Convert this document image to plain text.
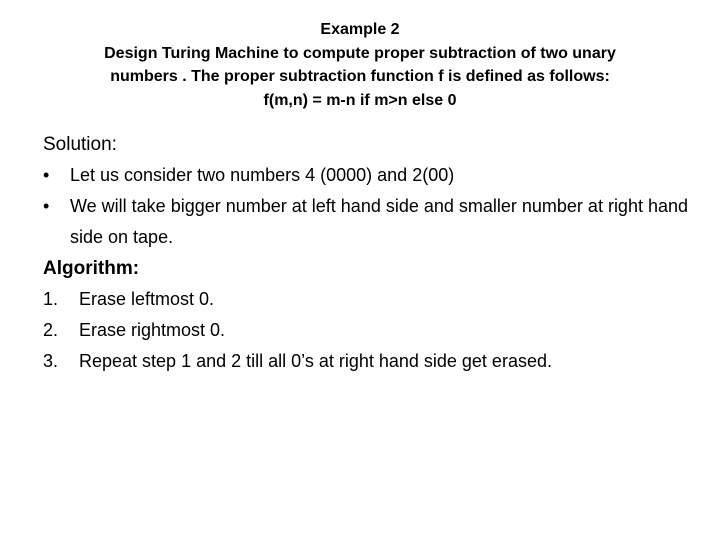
Example 2
Design Turing Machine to compute proper subtraction of two unary
numbers . The proper subtraction function f is defined as follows:
f(m,n) = m-n if m>n else 0
Solution:
•	Let us consider two numbers 4 (0000) and 2(00)
•	We will take bigger number at left hand side and smaller number at right hand side on tape.
Algorithm:
1.	Erase leftmost 0.
2.	Erase rightmost 0.
3.	Repeat step 1 and 2 till all 0’s at right hand side get erased.
